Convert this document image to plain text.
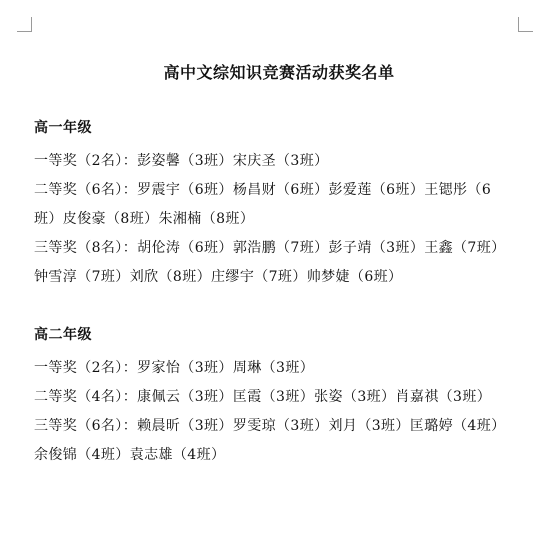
高中文综知识竞赛活动获奖名单
高一年级

一等奖（2名）：彭姿馨（3班）宋庆圣（3班）

二等奖（6名）：罗震宇（6班）杨昌财（6班）彭爱莲（6班）王锶彤（6

班）皮俊豪（8班）朱湘楠（8班）

三等奖（8名）：胡伦涛（6班）郭浩鹏（7班）彭子靖（3班）王鑫（7班）

钟雪淳（7班）刘欣（8班）庄缪宇（7班）帅梦婕（6班）

高二年级

一等奖（2名）：罗家怡（3班）周琳（3班）

二等奖（4名）：康佩云（3班）匡霞（3班）张姿（3班）肖嘉祺（3班）

三等奖（6名）：赖晨昕（3班）罗雯琼（3班）刘月（3班）匡璐婷（4班）

余俊锦（4班）袁志雄（4班）
